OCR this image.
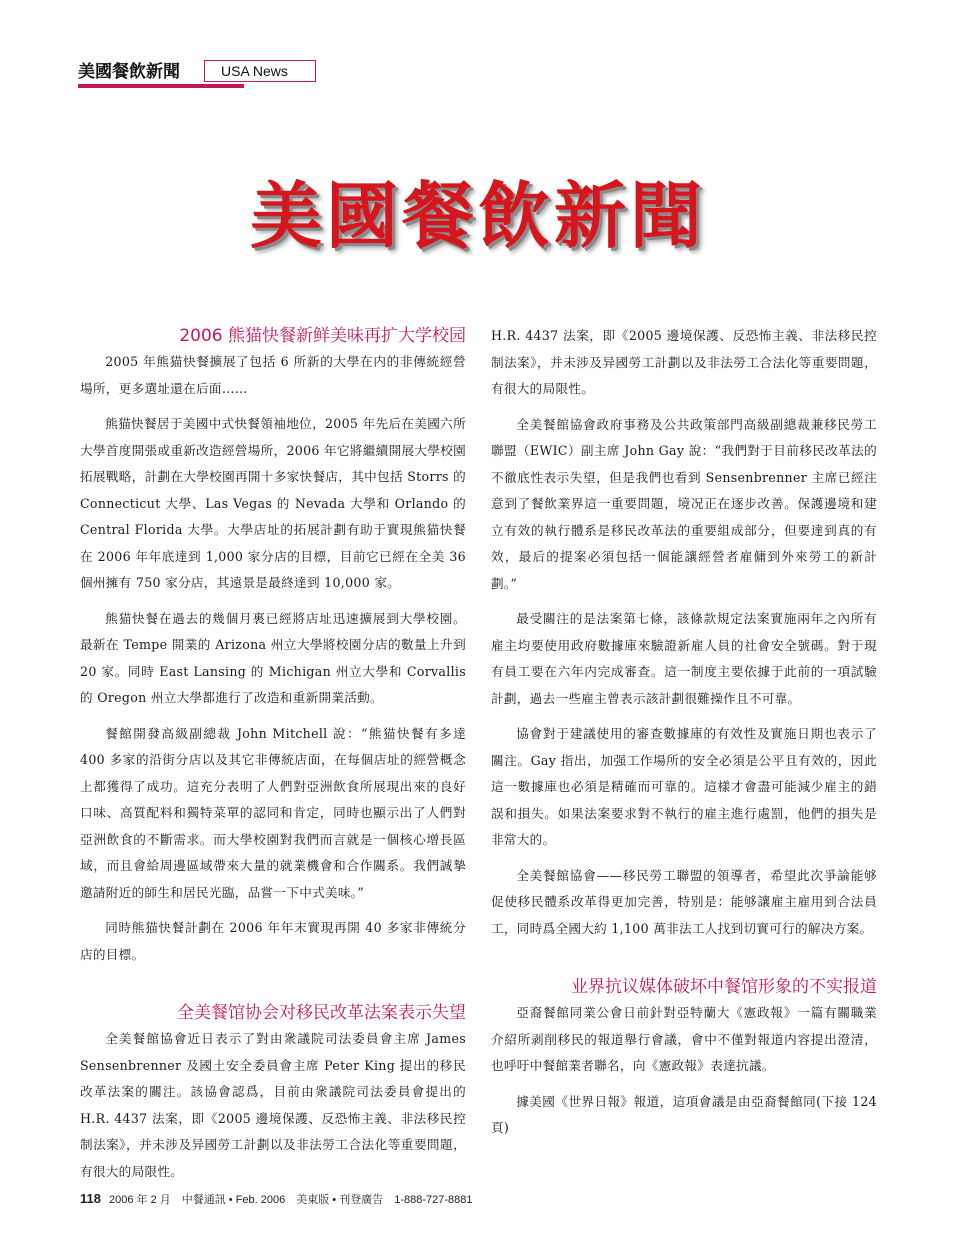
美國餐飲新聞	USA News
美國餐飲新聞
2006 熊猫快餐新鲜美味再扩大学校园

2005 年熊猫快餐擴展了包括 6 所新的大學在内的非傳統經營場所，更多選址還在后面……

熊猫快餐居于美國中式快餐領袖地位，2005 年先后在美國六所大學首度開張或重新改造經營場所，2006 年它將繼續開展大學校園拓展戰略，計劃在大學校園再開十多家快餐店，其中包括 Storrs 的 Connecticut 大學、Las Vegas 的 Nevada 大學和 Orlando 的 Central Florida 大學。大學店址的拓展計劃有助于實現熊猫快餐在 2006 年年底達到 1,000 家分店的目標，目前它已經在全美 36 個州擁有 750 家分店，其遠景是最終達到 10,000 家。

熊猫快餐在過去的幾個月裏已經將店址迅速擴展到大學校園。最新在 Tempe 開業的 Arizona 州立大學將校園分店的數量上升到 20 家。同時 East Lansing 的 Michigan 州立大學和 Corvallis 的 Oregon 州立大學都進行了改造和重新開業活動。

餐館開發高級副總裁 John Mitchell 說：“熊猫快餐有多達 400 多家的沿街分店以及其它非傳統店面，在每個店址的經營概念上都獲得了成功。這充分表明了人們對亞洲飲食所展現出來的良好口味、高質配料和獨特菜單的認同和肯定，同時也顯示出了人們對亞洲飲食的不斷需求。而大學校園對我們而言就是一個核心增長區域，而且會給周邊區域帶來大量的就業機會和合作關系。我們誠摯邀請附近的師生和居民光臨，品嘗一下中式美味。”

同時熊猫快餐計劃在 2006 年年末實現再開 40 多家非傳統分店的目標。

全美餐馆协会对移民改革法案表示失望

全美餐館協會近日表示了對由衆議院司法委員會主席 James Sensenbrenner 及國土安全委員會主席 Peter King 提出的移民改革法案的關注。該協會認爲，目前由衆議院司法委員會提出的 H.R. 4437 法案，即《2005 邊境保護、反恐怖主義、非法移民控制法案》，并未涉及异國勞工計劃以及非法勞工合法化等重要問題，有很大的局限性。

H.R. 4437 法案，即《2005 邊境保護、反恐怖主義、非法移民控制法案》，并未涉及异國勞工計劃以及非法勞工合法化等重要問題，有很大的局限性。

全美餐館協會政府事務及公共政策部門高級副總裁兼移民勞工聯盟（EWIC）副主席 John Gay 說：“我們對于目前移民改革法的不徹底性表示失望，但是我們也看到 Sensenbrenner 主席已經注意到了餐飲業界這一重要問題，境况正在逐步改善。保護邊境和建立有效的執行體系是移民改革法的重要組成部分，但要達到真的有效，最后的提案必須包括一個能讓經營者雇傭到外來勞工的新計劃。”

最受關注的是法案第七條，該條款規定法案實施兩年之內所有雇主均要使用政府數據庫來驗證新雇人員的社會安全號碼。對于現有員工要在六年内完成審查。這一制度主要依據于此前的一項試驗計劃，過去一些雇主曾表示該計劃很難操作且不可靠。

協會對于建議使用的審查數據庫的有效性及實施日期也表示了關注。Gay 指出，加强工作場所的安全必須是公平且有效的，因此這一數據庫也必須是精確而可靠的。這樣才會盡可能減少雇主的錯誤和損失。如果法案要求對不執行的雇主進行處罰，他們的損失是非常大的。

全美餐館協會——移民勞工聯盟的領導者，希望此次爭論能够促使移民體系改革得更加完善，特别是：能够讓雇主雇用到合法員工，同時爲全國大約 1,100 萬非法工人找到切實可行的解决方案。

业界抗议媒体破坏中餐馆形象的不实报道

亞裔餐館同業公會日前針對亞特蘭大《憲政報》一篇有關職業介紹所剥削移民的報道舉行會議，會中不僅對報道内容提出澄清，也呼吁中餐館業者聯名，向《憲政報》表達抗議。

據美國《世界日報》報道，這項會議是由亞裔餐館同(下接 124 頁)

118 2006 年 2 月　中餐通訊 • Feb. 2006　美東版 • 刊登廣告　1-888-727-8881
